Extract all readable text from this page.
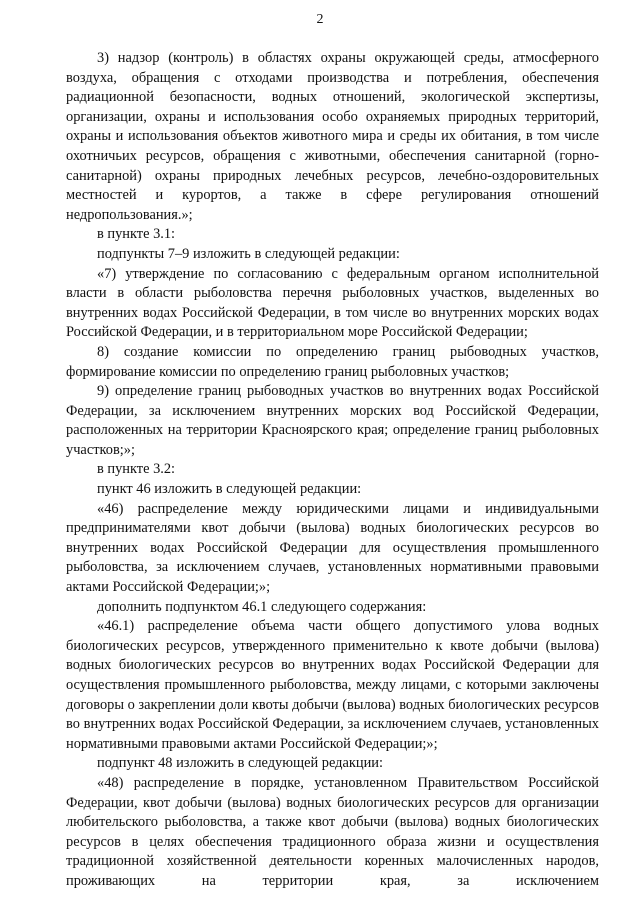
2

3) надзор (контроль) в областях охраны окружающей среды, атмосферного воздуха, обращения с отходами производства и потребления, обеспечения радиационной безопасности, водных отношений, экологической экспертизы, организации, охраны и использования особо охраняемых природных территорий, охраны и использования объектов животного мира и среды их обитания, в том числе охотничьих ресурсов, обращения с животными, обеспечения санитарной (горно-санитарной) охраны природных лечебных ресурсов, лечебно-оздоровительных местностей и курортов, а также в сфере регулирования отношений недропользования.»;

в пункте 3.1:

подпункты 7–9 изложить в следующей редакции:

«7) утверждение по согласованию с федеральным органом исполнительной власти в области рыболовства перечня рыболовных участков, выделенных во внутренних водах Российской Федерации, в том числе во внутренних морских водах Российской Федерации, и в территориальном море Российской Федерации;

8) создание комиссии по определению границ рыбоводных участков, формирование комиссии по определению границ рыболовных участков;

9) определение границ рыбоводных участков во внутренних водах Российской Федерации, за исключением внутренних морских вод Российской Федерации, расположенных на территории Красноярского края; определение границ рыболовных участков;»;

в пункте 3.2:

пункт 46 изложить в следующей редакции:

«46) распределение между юридическими лицами и индивидуальными предпринимателями квот добычи (вылова) водных биологических ресурсов во внутренних водах Российской Федерации для осуществления промышленного рыболовства, за исключением случаев, установленных нормативными правовыми актами Российской Федерации;»;

дополнить подпунктом 46.1 следующего содержания:

«46.1) распределение объема части общего допустимого улова водных биологических ресурсов, утвержденного применительно к квоте добычи (вылова) водных биологических ресурсов во внутренних водах Российской Федерации для осуществления промышленного рыболовства, между лицами, с которыми заключены договоры о закреплении доли квоты добычи (вылова) водных биологических ресурсов во внутренних водах Российской Федерации, за исключением случаев, установленных нормативными правовыми актами Российской Федерации;»;

подпункт 48 изложить в следующей редакции:

«48) распределение в порядке, установленном Правительством Российской Федерации, квот добычи (вылова) водных биологических ресурсов для организации любительского рыболовства, а также квот добычи (вылова) водных биологических ресурсов в целях обеспечения традиционного образа жизни и осуществления традиционной хозяйственной деятельности коренных малочисленных народов, проживающих на территории края, за исключением
